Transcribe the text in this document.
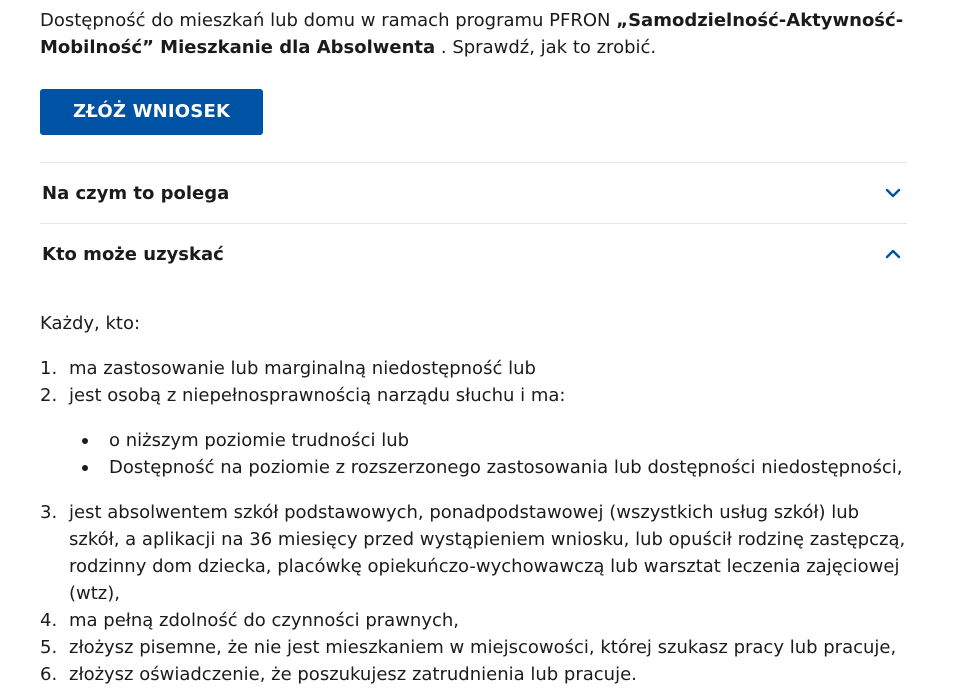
Dostępność do mieszkań lub domu w ramach programu PFRON „Samodzielność-Aktywność-Mobilność” Mieszkanie dla Absolwenta . Sprawdź, jak to zrobić.

ZŁÓŻ WNIOSEK
Na czym to polega
Kto może uzyskać

Każdy, kto:

1. ma zastosowanie lub marginalną niedostępność lub
2. jest osobą z niepełnosprawnością narządu słuchu i ma:
o niższym poziomie trudności lub
Dostępność na poziomie z rozszerzonego zastosowania lub dostępności niedostępności,
3. jest absolwentem szkół podstawowych, ponadpodstawowej (wszystkich usług szkół) lub szkół, a aplikacji na 36 miesięcy przed wystąpieniem wniosku, lub opuścił rodzinę zastępczą, rodzinny dom dziecka, placówkę opiekuńczo-wychowawczą lub warsztat leczenia zajęciowej (wtz),
4. ma pełną zdolność do czynności prawnych,
5. złożysz pisemne, że nie jest mieszkaniem w miejscowości, której szukasz pracy lub pracuje,
6. złożysz oświadczenie, że poszukujesz zatrudnienia lub pracuje.
